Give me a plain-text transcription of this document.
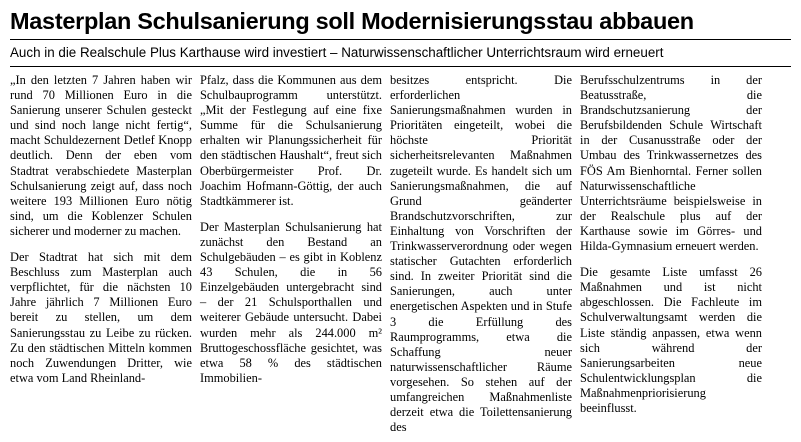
Masterplan Schulsanierung soll Modernisierungsstau abbauen
Auch in die Realschule Plus Karthause wird investiert – Naturwissenschaftlicher Unterrichtsraum wird erneuert

„In den letzten 7 Jahren haben wir rund 70 Millionen Euro in die Sanierung unserer Schulen gesteckt und sind noch lange nicht fertig“, macht Schuldezernent Detlef Knopp deutlich. Denn der eben vom Stadtrat verabschiedete Masterplan Schulsanierung zeigt auf, dass noch weitere 193 Millionen Euro nötig sind, um die Koblenzer Schulen sicherer und moderner zu machen.

Der Stadtrat hat sich mit dem Beschluss zum Masterplan auch verpflichtet, für die nächsten 10 Jahre jährlich 7 Millionen Euro bereit zu stellen, um dem Sanierungsstau zu Leibe zu rücken. Zu den städtischen Mitteln kommen noch Zuwendungen Dritter, wie etwa vom Land Rheinland-

Pfalz, dass die Kommunen aus dem Schulbauprogramm unterstützt. „Mit der Festlegung auf eine fixe Summe für die Schulsanierung erhalten wir Planungssicherheit für den städtischen Haushalt“, freut sich Oberbürgermeister Prof. Dr. Joachim Hofmann-Göttig, der auch Stadtkämmerer ist.

Der Masterplan Schulsanierung hat zunächst den Bestand an Schulgebäuden – es gibt in Koblenz 43 Schulen, die in 56 Einzelgebäuden untergebracht sind – der 21 Schulsporthallen und weiterer Gebäude untersucht. Dabei wurden mehr als 244.000 m² Bruttogeschossfläche gesichtet, was etwa 58 % des städtischen Immobilien-

besitzes entspricht. Die erforderlichen Sanierungsmaßnahmen wurden in Prioritäten eingeteilt, wobei die höchste Priorität sicherheitsrelevanten Maßnahmen zugeteilt wurde. Es handelt sich um Sanierungsmaßnahmen, die auf Grund geänderter Brandschutzvorschriften, zur Einhaltung von Vorschriften der Trinkwasserverordnung oder wegen statischer Gutachten erforderlich sind. In zweiter Priorität sind die Sanierungen, auch unter energetischen Aspekten und in Stufe 3 die Erfüllung des Raumprogramms, etwa die Schaffung neuer naturwissenschaftlicher Räume vorgesehen. So stehen auf der umfangreichen Maßnahmenliste derzeit etwa die Toilettensanierung des

Berufsschulzentrums in der Beatusstraße, die Brandschutzsanierung der Berufsbildenden Schule Wirtschaft in der Cusanusstraße oder der Umbau des Trinkwassernetzes des FÖS Am Bienhorntal. Ferner sollen Naturwissenschaftliche Unterrichtsräume beispielsweise in der Realschule plus auf der Karthause sowie im Görres- und Hilda-Gymnasium erneuert werden.

Die gesamte Liste umfasst 26 Maßnahmen und ist nicht abgeschlossen. Die Fachleute im Schulverwaltungsamt werden die Liste ständig anpassen, etwa wenn sich während der Sanierungsarbeiten neue Schulentwicklungsplan die Maßnahmenpriorisierung beeinflusst.
